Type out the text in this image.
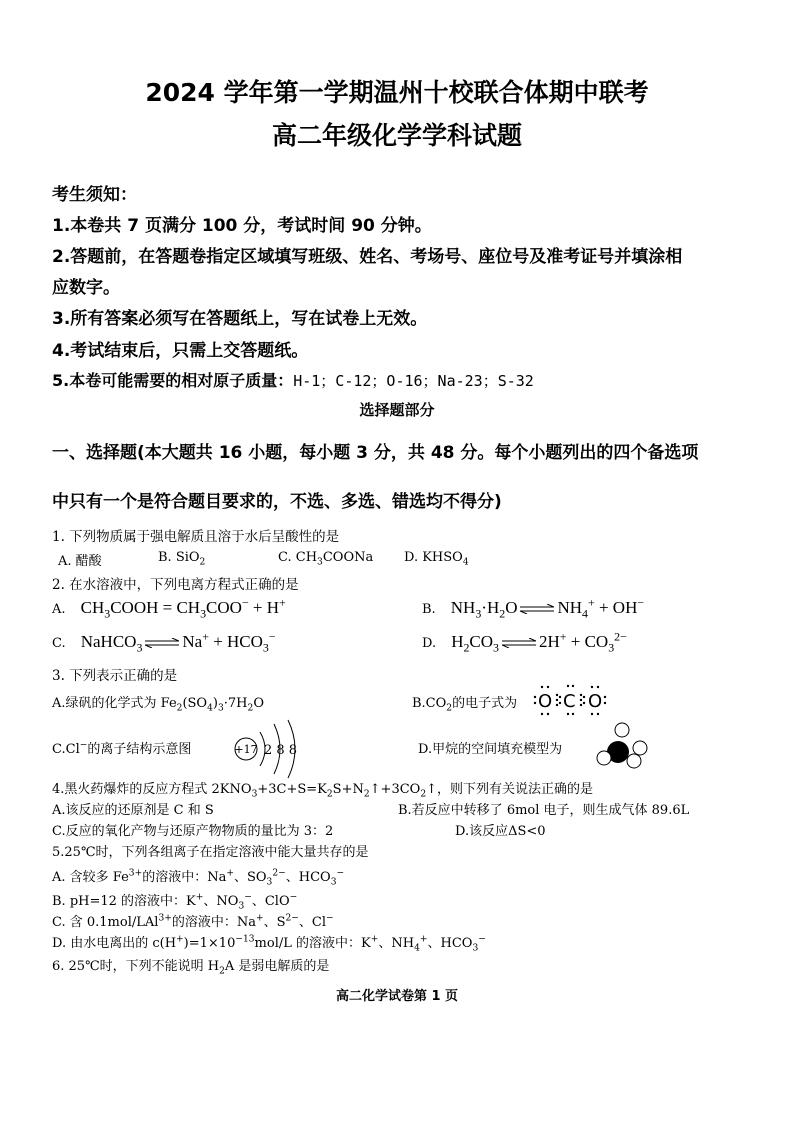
2024 学年第一学期温州十校联合体期中联考
高二年级化学学科试题
考生须知：
1.本卷共 7 页满分 100 分，考试时间 90 分钟。
2.答题前，在答题卷指定区域填写班级、姓名、考场号、座位号及准考证号并填涂相
应数字。
3.所有答案必须写在答题纸上，写在试卷上无效。
4.考试结束后，只需上交答题纸。
5.本卷可能需要的相对原子质量：H-1；C-12；O-16；Na-23；S-32
选择题部分
一、选择题(本大题共 16 小题，每小题 3 分，共 48 分。每个小题列出的四个备选项
中只有一个是符合题目要求的，不选、多选、错选均不得分)
1. 下列物质属于强电解质且溶于水后呈酸性的是
A. 醋酸	B. SiO$_2$	C. $CH_3COONa$ D. $KHSO_4$
2. 在水溶液中，下列电离方程式正确的是
A. $CH_3COOH = CH_3COO^- + H^+$	B. $NH_3\cdot H_2O$ $NH_4^+ + OH^-$
C. NaHCO$_3$ $Na^+ + HCO_3^-$	D. $H_2CO_3$ $2H^+ + CO_3^{2-}$
3. 下列表示正确的是
A.绿矾的化学式为 $Fe_2(SO_4)_3\cdot 7H_2O$	$B.CO_2$的电子式为 O C O
C.Cl−的离子结构示意图	+17 2 8 8	D.甲烷的空间填充模型为
4.黑火药爆炸的反应方程式 $2KNO_3+3C+S=K_2S+N_2↑+3CO_2↑$，则下列有关说法正确的是
A.该反应的还原剂是 C 和 S	B.若反应中转移了 6mol 电子，则生成气体 89.6L
C.反应的氧化产物与还原产物物质的量比为 3：2	D.该反应ΔS<0
5.25℃时，下列各组离子在指定溶液中能大量共存的是
A. 含较多 $Fe^{3+}$的溶液中：Na+、$SO_3^{2-}$、$HCO_3^-$
B. pH=12 的溶液中：K+、$NO_3^-$、ClO−
C. 含 0.1mol/LAl$^{3+}$的溶液中：Na+、$S^{2-}$、Cl−
D. 由水电离出的 $c(H^+)=1\times 10^{-13}mol/L$ 的溶液中：K+、$NH_4^+$、$HCO_3^-$
6. 25℃时，下列不能说明 $H_2A$ 是弱电解质的是
高二化学试卷第 1 页
